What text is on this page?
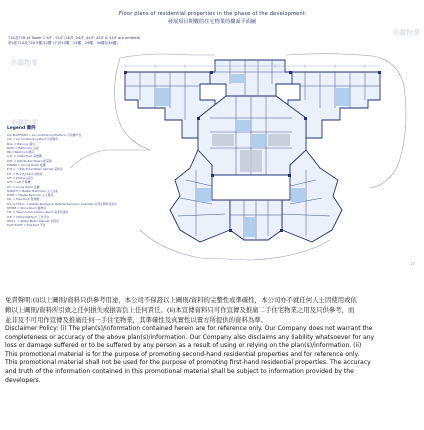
Floor plans of residential properties in the phase of the development
發展項目期數的住宅物業的樓面平面圖
T1A及T1B of Tower 1 9/F - 51/F (1E/F, 24/F, 34/F, 44/F & 54/F are omitted)
第1座T1A及T1B 9樓-52樓 (不設13樓、14樓、24樓、34樓及44樓)
美聯物業
美聯物業
美聯物業
Legend 圖例
A/C PLATFORM = Air-conditioning Platform 冷氣機平台
A/C = Air-conditioning Plant 冷氣機房
BAL. = Balcony 露台
BATH = Bathroom 浴室
BR = Bedroom 睡房
C.D. = Cable Duct 電纜槽
D.B. = Distribution Board 配電箱
DINING = Dining Room 飯廳
E.M.C. = Electrical Meter Cabinet 電錶房
F.H. = Fire Hydrant 消防栓
KIT. = Kitchen 廚房
LIFT = Lift 升降機
LIV. = Living Room 客廳
M.BATH = Master Bathroom 主人浴室
M.BR = Master Bedroom 主人睡房
P.D. = Pipe Duct 管道槽
R.S. & M.R.C. = Refuse Storage & Material Recovery Chamber 垃圾及物料回收房
STORE = Store Room 儲物房
TEL = Telecommunications Room 電訊設備房
U.P. = Utility Platform 工作平台
W.M.C. = Water Meter Cabinet 水錶房
FLAT ROOF = Flat Roof 平台
27
免責聲明:(i)以上圖則/資料只供參考用途，本公司不保證以上圖則/資料的完整性或準確性，本公司亦不就任何人士因使用或依
賴以上圖則/資料所引致之任何損失或損害負上任何責任。(ii)本宣傳資料只可作宣傳及推廣二手住宅物業之用及只供參考，而
並非及不可用作宣傳及推廣任何一手住宅物業，其準確性及真實性以賣方所提供的資料為準。
Disclaimer Policy: (i) The plan(s)/information contained herein are for reference only. Our Company does not warrant the
completeness or accuracy of the above plan(s)/information. Our Company also disclaims any liability whatsoever for any
loss or damage suffered or to be suffered by any person as a result of using or relying on the plan(s)/information. (ii)
This promotional material is for the purpose of promoting second-hand residential properties and for reference only.
This promotional material shall not be used for the purpose of promoting first-hand residential properties. The accuracy
and truth of the information contained in this promotional material shall be subject to information provided by the
developers.
